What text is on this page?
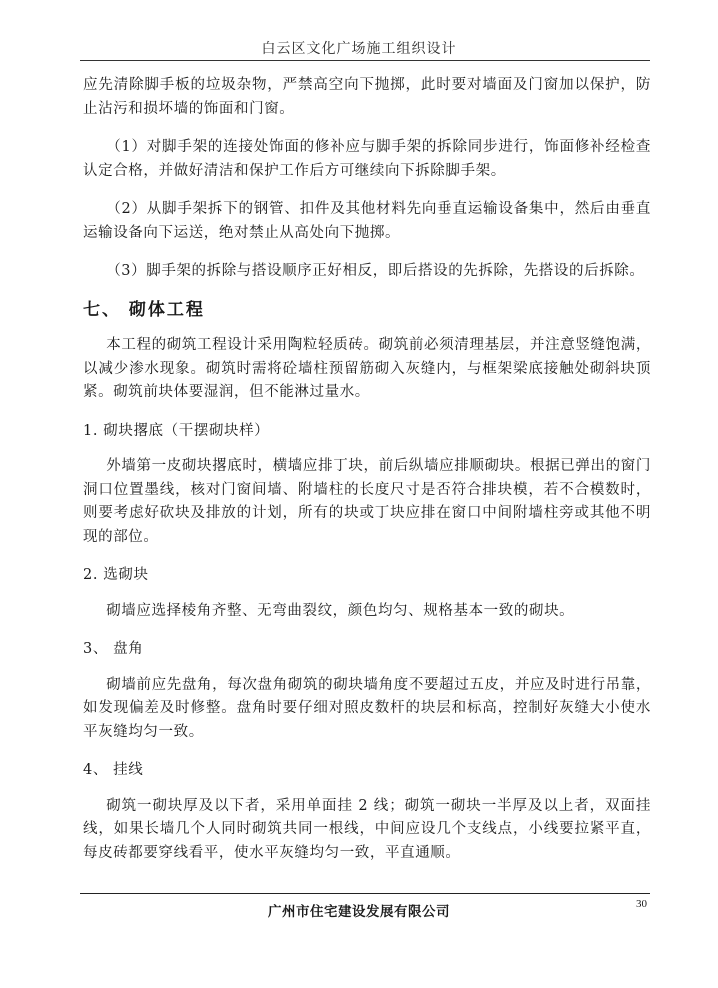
白云区文化广场施工组织设计

应先清除脚手板的垃圾杂物，严禁高空向下抛掷，此时要对墙面及门窗加以保护，防止沾污和损坏墙的饰面和门窗。

（1）对脚手架的连接处饰面的修补应与脚手架的拆除同步进行，饰面修补经检查认定合格，并做好清洁和保护工作后方可继续向下拆除脚手架。

（2）从脚手架拆下的钢管、扣件及其他材料先向垂直运输设备集中，然后由垂直运输设备向下运送，绝对禁止从高处向下抛掷。

（3）脚手架的拆除与搭设顺序正好相反，即后搭设的先拆除，先搭设的后拆除。

七、 砌体工程

本工程的砌筑工程设计采用陶粒轻质砖。砌筑前必须清理基层，并注意竖缝饱满，以减少渗水现象。砌筑时需将砼墙柱预留筋砌入灰缝内，与框架梁底接触处砌斜块顶紧。砌筑前块体要湿润，但不能淋过量水。

1. 砌块撂底（干摆砌块样）

外墙第一皮砌块撂底时，横墙应排丁块，前后纵墙应排顺砌块。根据已弹出的窗门洞口位置墨线，核对门窗间墙、附墙柱的长度尺寸是否符合排块模，若不合模数时，则要考虑好砍块及排放的计划，所有的块或丁块应排在窗口中间附墙柱旁或其他不明现的部位。

2. 选砌块

砌墙应选择棱角齐整、无弯曲裂纹，颜色均匀、规格基本一致的砌块。

3、 盘角

砌墙前应先盘角，每次盘角砌筑的砌块墙角度不要超过五皮，并应及时进行吊靠，如发现偏差及时修整。盘角时要仔细对照皮数杆的块层和标高，控制好灰缝大小使水平灰缝均匀一致。

4、 挂线

砌筑一砌块厚及以下者，采用单面挂 2 线；砌筑一砌块一半厚及以上者，双面挂线，如果长墙几个人同时砌筑共同一根线，中间应设几个支线点，小线要拉紧平直，每皮砖都要穿线看平，使水平灰缝均匀一致，平直通顺。

广州市住宅建设发展有限公司	30
